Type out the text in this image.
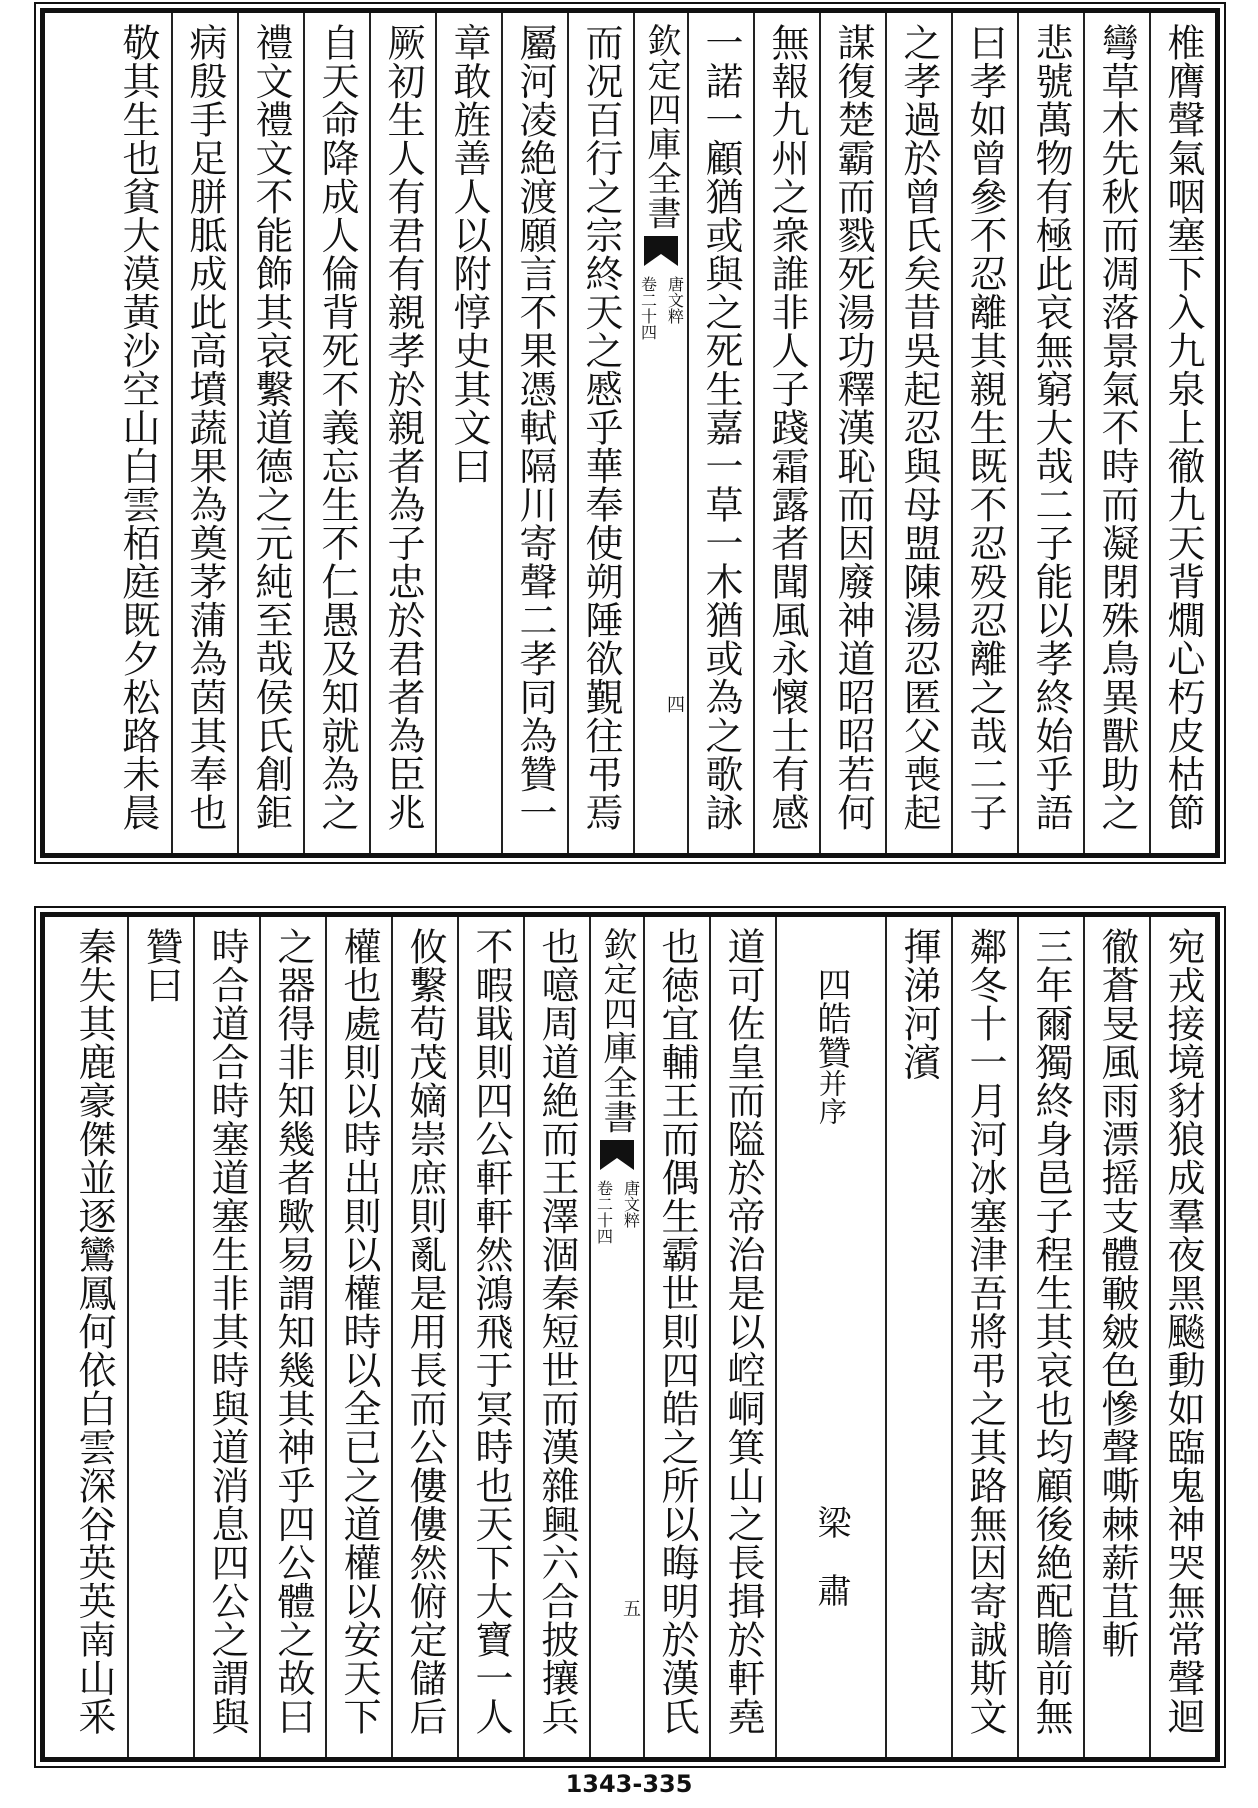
椎膺聲氣咽塞下入九泉上徹九天背燗心朽皮枯節
彎草木先秋而凋落景氣不時而凝閉殊鳥異獸助之
悲號萬物有極此哀無窮大哉二子能以孝終始乎語
曰孝如曾參不忍離其親生既不忍殁忍離之哉二子
之孝過於曾氏矣昔吳起忍與母盟陳湯忍匿父喪起
謀復楚霸而戮死湯功釋漢恥而因廢神道昭昭若何
無報九州之衆誰非人子踐霜露者聞風永懷士有感
一諾一顧猶或與之死生嘉一草一木猶或為之歌詠
欽定四庫全書
唐文粹
卷二十四
四
而况百行之宗終天之慼乎華奉使朔陲欲覲往弔焉
屬河凌絶渡願言不果憑軾隔川寄聲二孝同為贊一
章敢旌善人以附惇史其文曰
厥初生人有君有親孝於親者為子忠於君者為臣兆
自天命降成人倫背死不義忘生不仁愚及知就為之
禮文禮文不能飾其哀繫道德之元純至哉侯氏創鉅
病殷手足胼胝成此高墳蔬果為奠茅蒲為茵其奉也
敬其生也貧大漠黃沙空山白雲栢庭既夕松路未晨
宛戎接境豺狼成羣夜黑飈動如臨鬼神哭無常聲迴
徹蒼旻風雨漂摇支體皸皴色慘聲嘶棘薪苴斬
三年爾獨終身邑子程生其哀也均顧後絶配瞻前無
鄰冬十一月河冰塞津吾將弔之其路無因寄誠斯文
揮涕河濱
四皓贊
并序
梁　肅
道可佐皇而隘於帝治是以崆峒箕山之長揖於軒堯
也徳宜輔王而偶生霸世則四皓之所以晦明於漢氏
欽定四庫全書
唐文粹
卷二十四
五
也噫周道絶而王澤涸秦短世而漢雜興六合披攘兵
不暇戢則四公軒軒然鴻飛于冥時也天下大寶一人
攸繫苟茂嫡崇庶則亂是用長而公僂僂然俯定儲后
權也處則以時出則以權時以全已之道權以安天下
之器得非知幾者歟易謂知幾其神乎四公體之故曰
時合道合時塞道塞生非其時與道消息四公之謂與
贊曰
秦失其鹿豪傑並逐鸞鳳何依白雲深谷英英南山釆
1343-335
